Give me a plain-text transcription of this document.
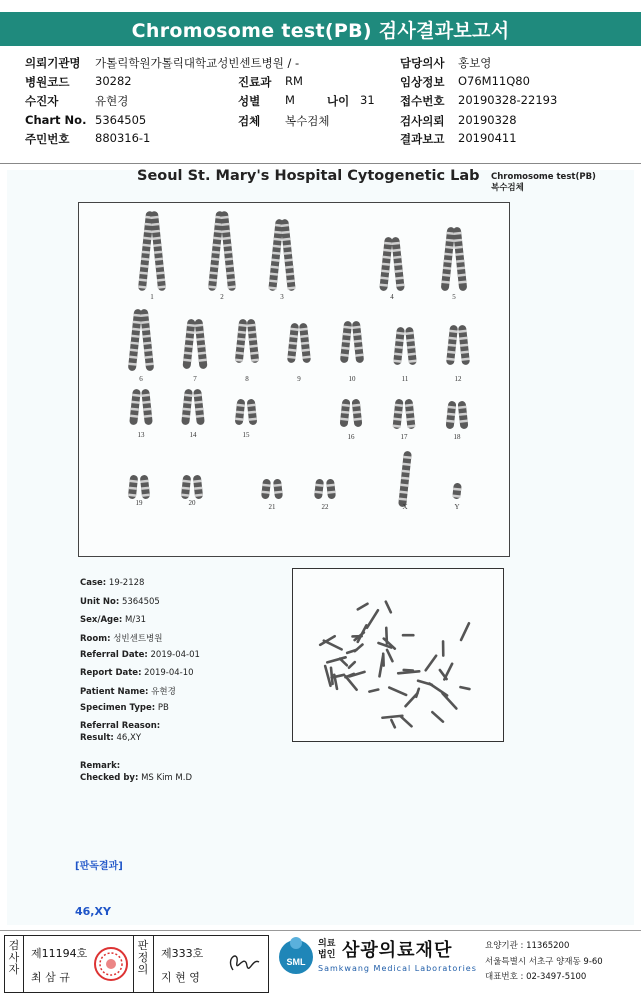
Chromosome test(PB) 검사결과보고서
의뢰기관명 가톨릭학원가톨릭대학교성빈센트병원 / -	담당의사 홍보영
병원코드 30282	진료과 RM	임상정보 O76M11Q80
수진자	유현경	성별 M	나이 31 접수번호 20190328-22193
Chart No. 5364505	검체 복수검체	검사의뢰 20190328
주민번호 880316-1	결과보고 20190411
Seoul St. Mary's Hospital Cytogenetic Lab Chromosome test(PB)
복수검체
1	2	3	4	5
6	7	8	9	10	11	12
13	14	15	16	17	18
19	20	21	22	X	Y
Case: 19-2128
Unit No: 5364505
Sex/Age: M/31
Room: 성빈센트병원
Referral Date: 2019-04-01
Report Date: 2019-04-10
Patient Name: 유현경
Specimen Type: PB
Referral Reason:
Result: 46,XY
Remark:
Checked by: MS Kim M.D
[판독결과]
46,XY
검사자
제11194호
최 삼 규
판정의
제333호
지 현 영
SML
의료
법인 삼광의료재단
Samkwang Medical Laboratories
요양기관 : 11365200
서울특별시 서초구 양재동 9-60
대표번호 : 02-3497-5100
